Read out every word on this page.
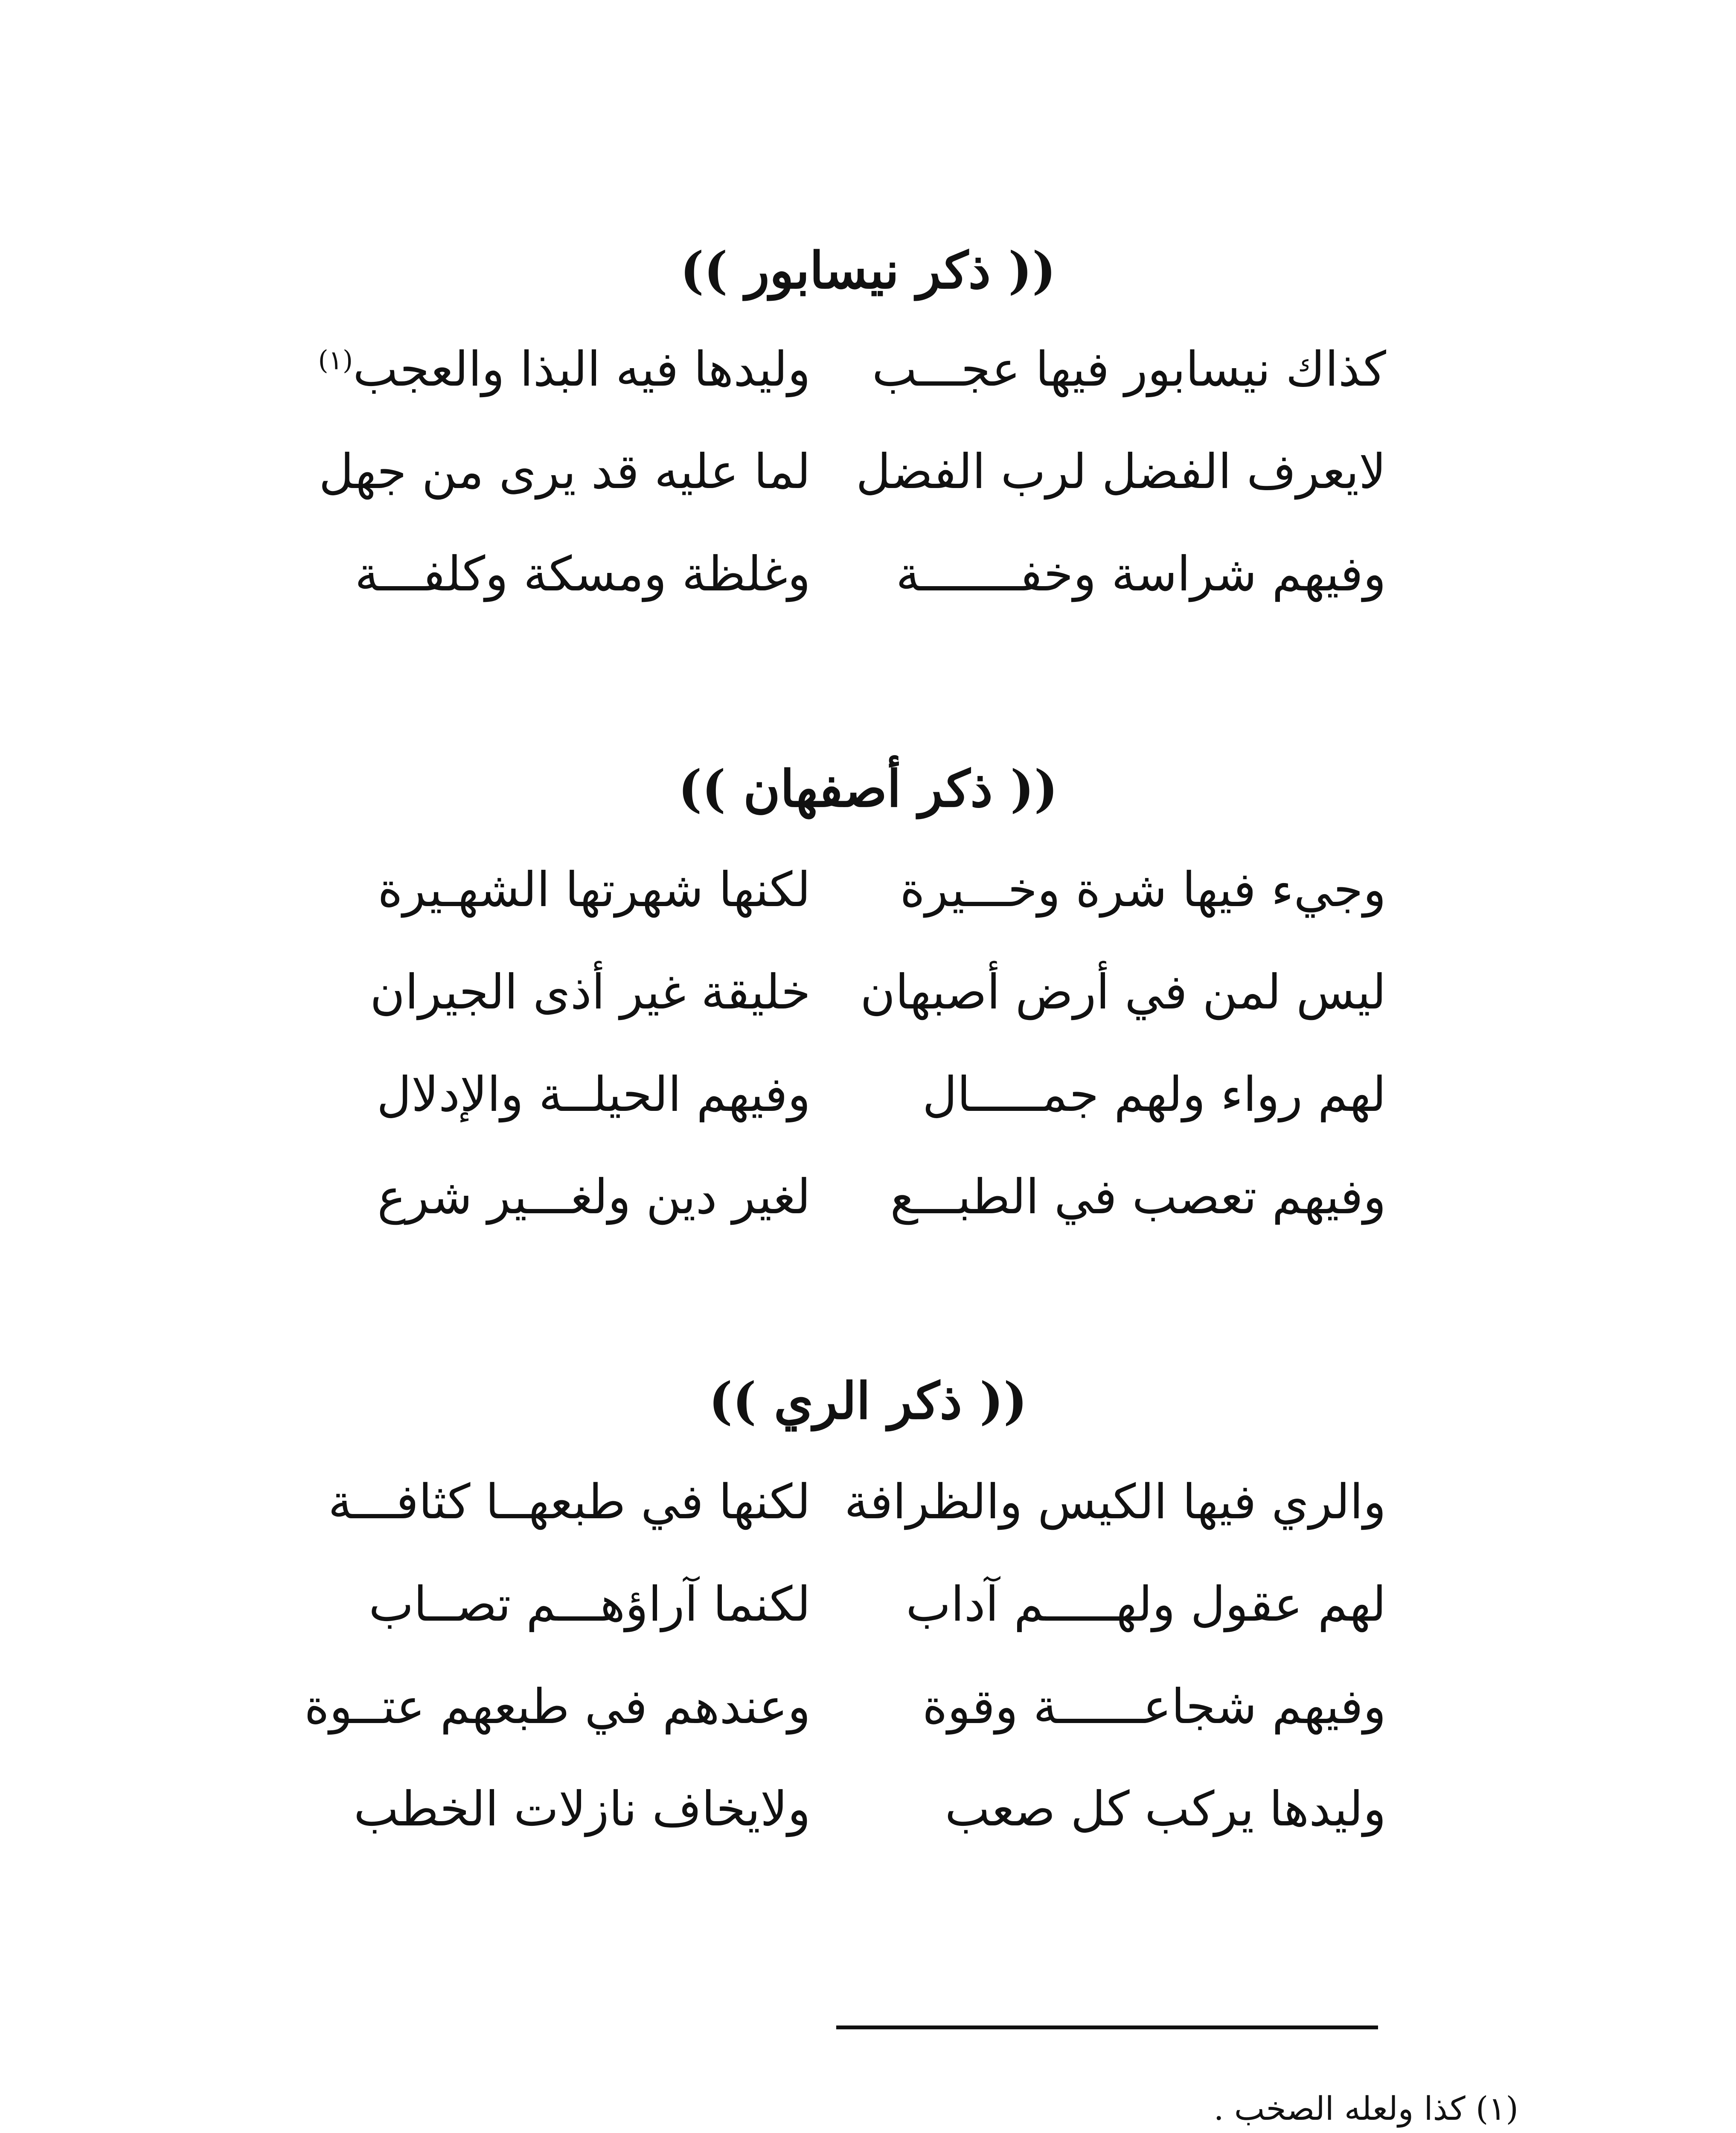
(( ذكر نيسابور ))
كذاك نيسابور فيها عجـــب
وليدها فيه البذا والعجب$^{(١)}$
لايعرف الفضل لرب الفضل
لما عليه قد يرى من جهل
وفيهم شراسة وخفـــــــة
وغلظة ومسكة وكلفـــة
(( ذكر أصفهان ))
وجيء فيها شرة وخـــيرة
لكنها شهرتها الشهـيرة
ليس لمن في أرض أصبهان
خليقة غير أذى الجيران
لهم رواء ولهم جمـــــال
وفيهم الحيلــة والإدلال
وفيهم تعصب في الطبـــع
لغير دين ولغـــير شرع
(( ذكر الري ))
والري فيها الكيس والظرافة
لكنها في طبعهــا كثافـــة
لهم عقول ولهـــــم آداب
لكنما آراؤهـــم تصــاب
وفيهم شجاعــــــة وقوة
وعندهم في طبعهم عتــوة
وليدها يركب كل صعب
ولايخاف نازلات الخطب
(١) كذا ولعله الصخب .
